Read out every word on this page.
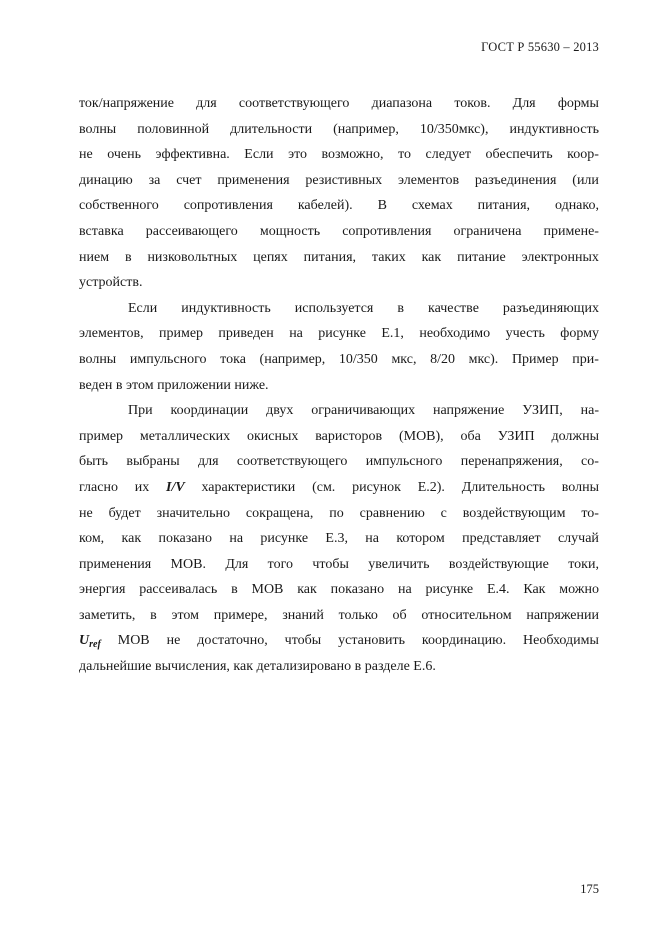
ГОСТ Р 55630 – 2013
ток/напряжение для соответствующего диапазона токов. Для формы
волны половинной длительности (например, 10/350мкс), индуктивность
не очень эффективна. Если это возможно, то следует обеспечить коор-
динацию за счет применения резистивных элементов разъединения (или
собственного сопротивления кабелей). В схемах питания, однако,
вставка рассеивающего мощность сопротивления ограничена примене-
нием в низковольтных цепях питания, таких как питание электронных
устройств.
Если индуктивность используется в качестве разъединяющих
элементов, пример приведен на рисунке Е.1, необходимо учесть форму
волны импульсного тока (например, 10/350 мкс, 8/20 мкс). Пример при-
веден
в
этом
приложении
ниже.
При координации двух ограничивающих напряжение УЗИП, на-
пример металлических окисных варисторов (МОВ), оба УЗИП должны
быть выбраны для соответствующего импульсного перенапряжения, со-
гласно их I/V характеристики (см. рисунок Е.2). Длительность волны
не будет значительно сокращена, по сравнению с воздействующим то-
ком, как показано на рисунке Е.3, на котором представляет случай
применения МОВ. Для того чтобы увеличить воздействующие токи,
энергия рассеивалась в МОВ как показано на рисунке Е.4. Как можно
заметить, в этом примере, знаний только об относительном напряжении
$U_{ref}$ МОВ не достаточно, чтобы установить координацию. Необходимы
дальнейшие
вычисления,
как
детализировано
в
разделе
Е.6.
175
